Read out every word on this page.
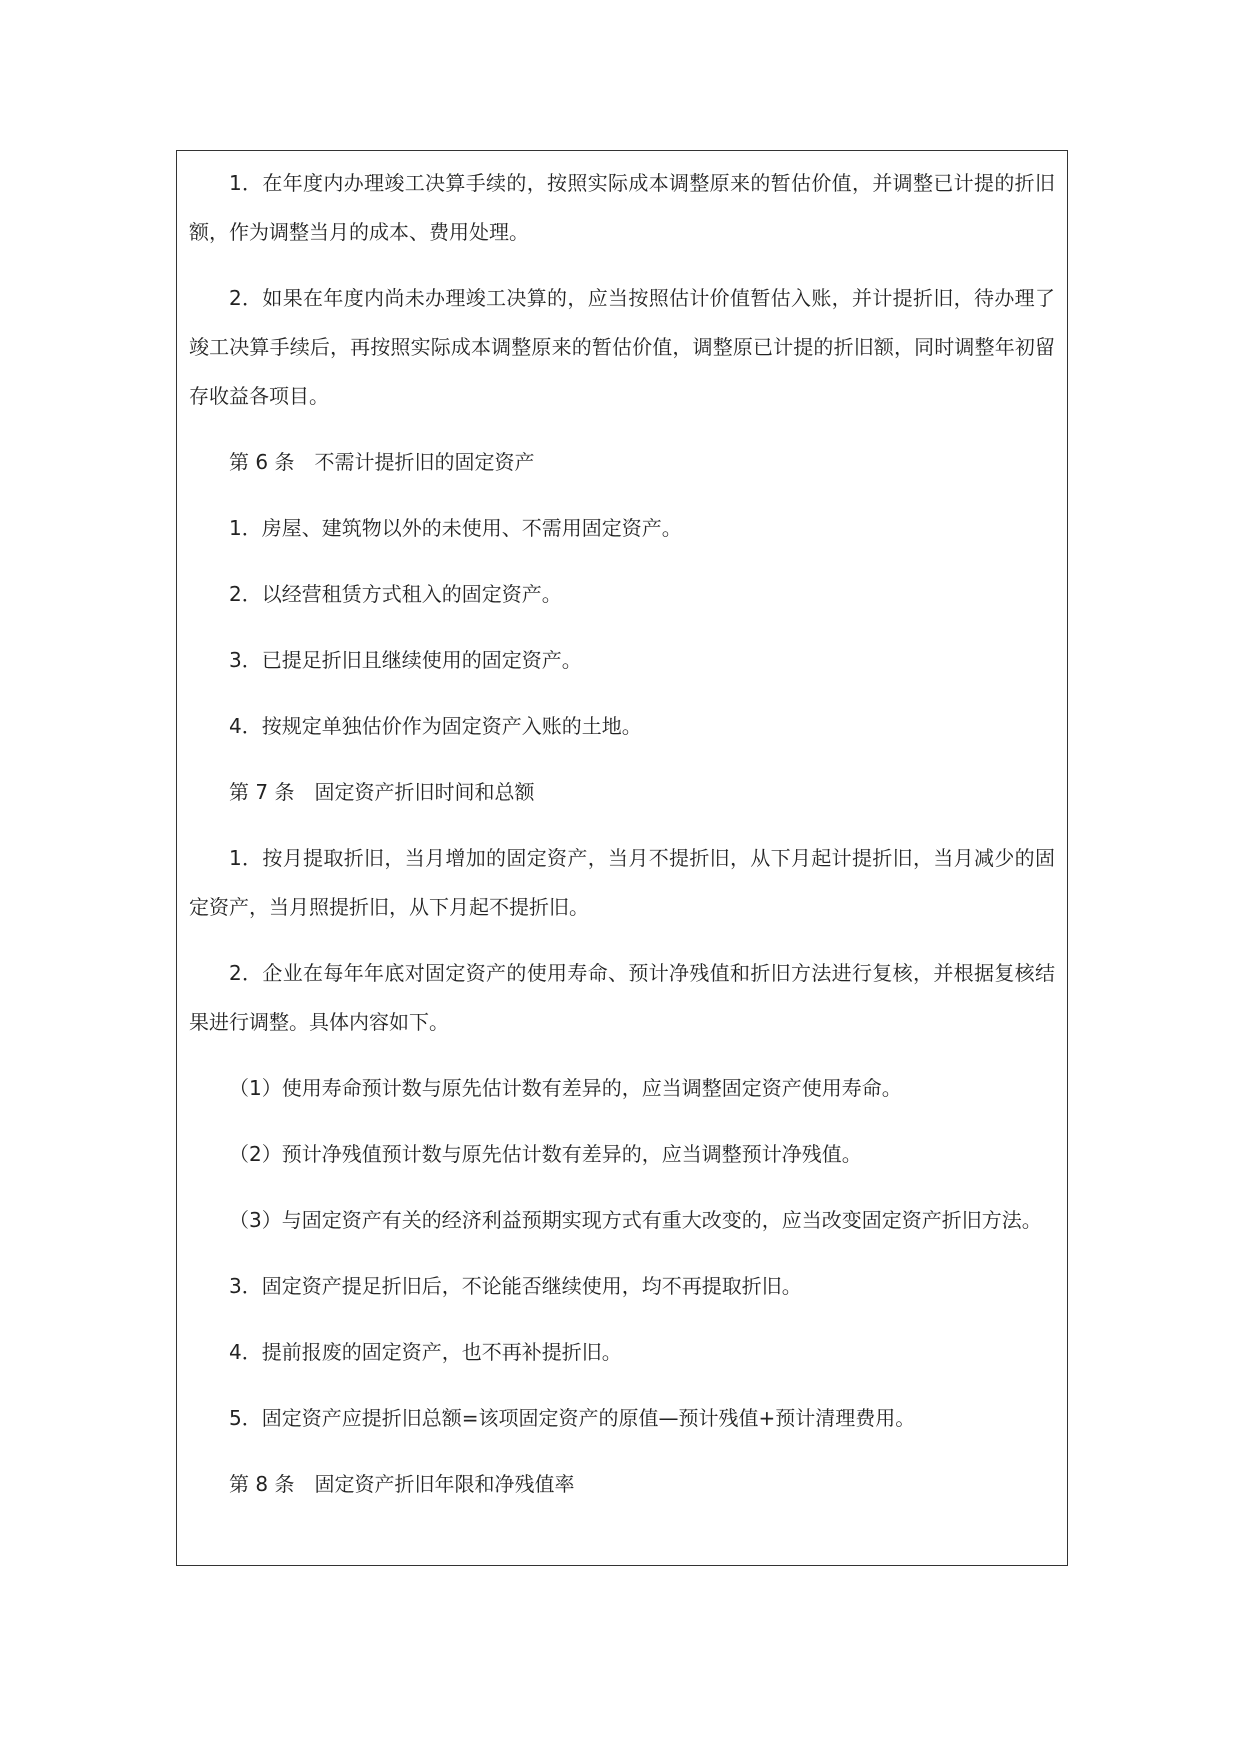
1．在年度内办理竣工决算手续的，按照实际成本调整原来的暂估价值，并调整已计提的折旧额，作为调整当月的成本、费用处理。

2．如果在年度内尚未办理竣工决算的，应当按照估计价值暂估入账，并计提折旧，待办理了竣工决算手续后，再按照实际成本调整原来的暂估价值，调整原已计提的折旧额，同时调整年初留存收益各项目。

第 6 条　不需计提折旧的固定资产

1．房屋、建筑物以外的未使用、不需用固定资产。

2．以经营租赁方式租入的固定资产。

3．已提足折旧且继续使用的固定资产。

4．按规定单独估价作为固定资产入账的土地。

第 7 条　固定资产折旧时间和总额

1．按月提取折旧，当月增加的固定资产，当月不提折旧，从下月起计提折旧，当月减少的固定资产，当月照提折旧，从下月起不提折旧。

2．企业在每年年底对固定资产的使用寿命、预计净残值和折旧方法进行复核，并根据复核结果进行调整。具体内容如下。

（1）使用寿命预计数与原先估计数有差异的，应当调整固定资产使用寿命。

（2）预计净残值预计数与原先估计数有差异的，应当调整预计净残值。

（3）与固定资产有关的经济利益预期实现方式有重大改变的，应当改变固定资产折旧方法。

3．固定资产提足折旧后，不论能否继续使用，均不再提取折旧。

4．提前报废的固定资产，也不再补提折旧。

5．固定资产应提折旧总额=该项固定资产的原值—预计残值+预计清理费用。

第 8 条　固定资产折旧年限和净残值率
